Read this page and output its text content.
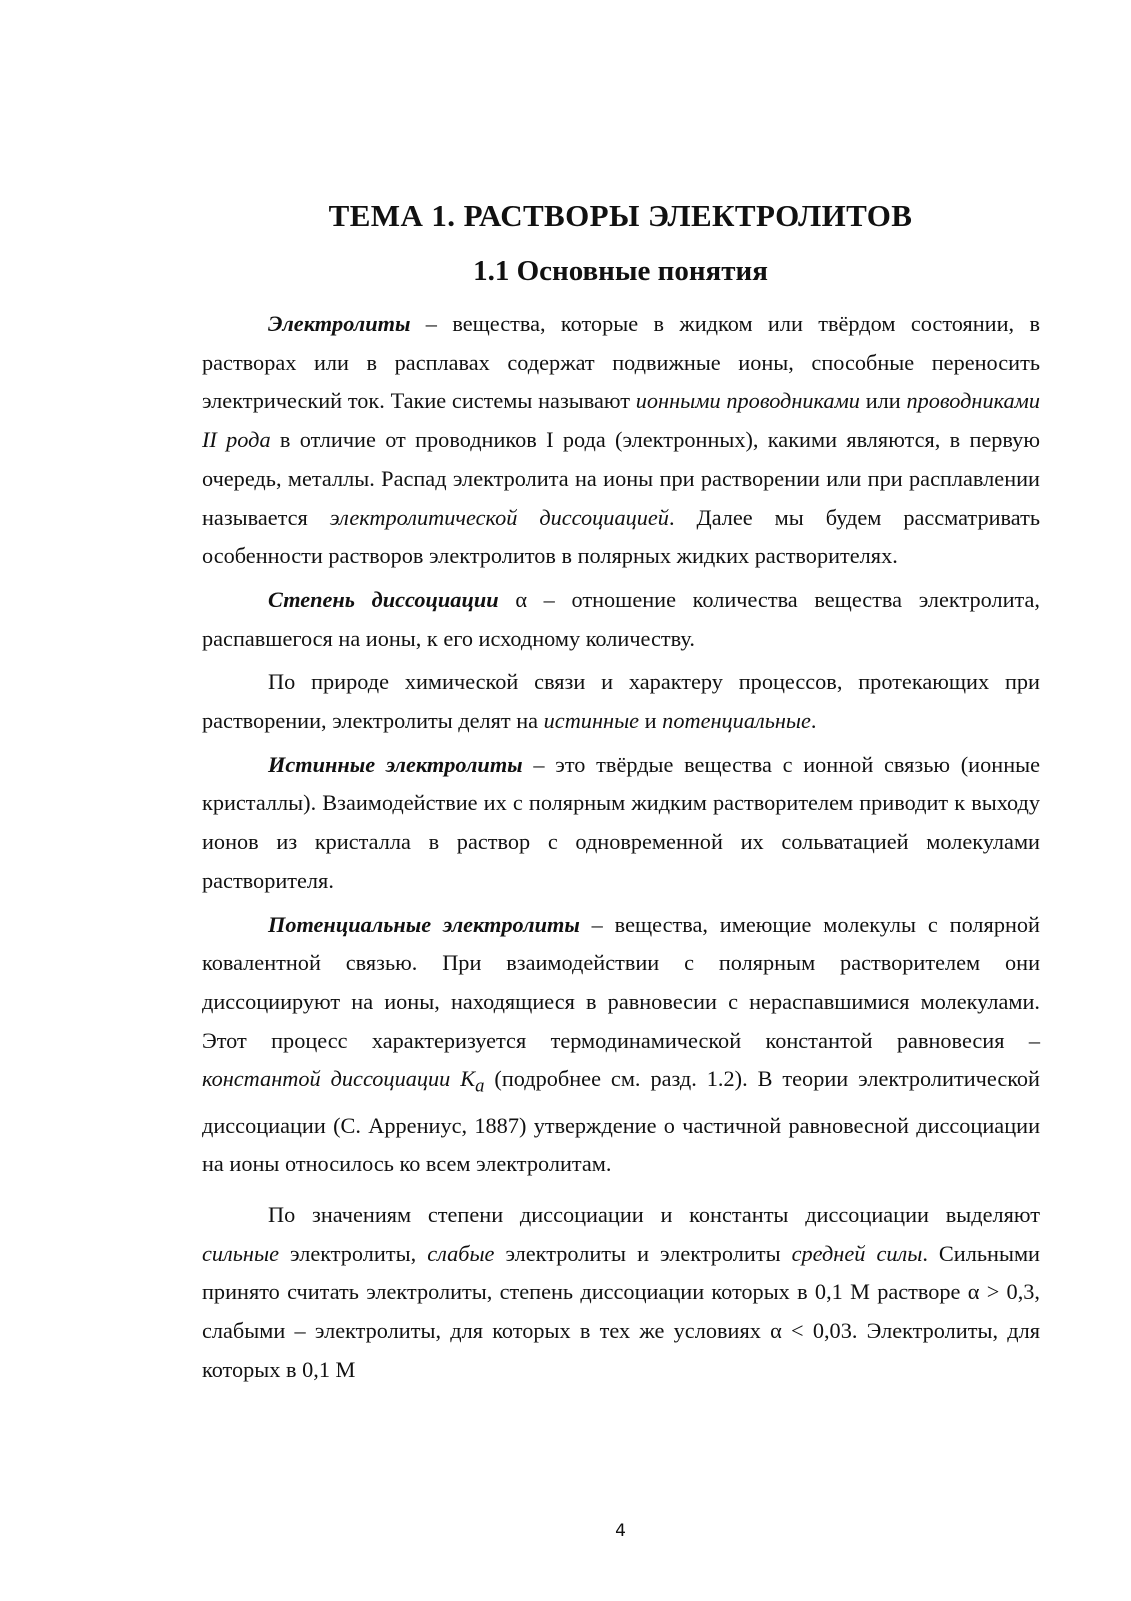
ТЕМА 1. РАСТВОРЫ ЭЛЕКТРОЛИТОВ
1.1 Основные понятия

Электролиты – вещества, которые в жидком или твёрдом состоянии, в растворах или в расплавах содержат подвижные ионы, способные переносить электрический ток. Такие системы называют ионными проводниками или проводниками II рода в отличие от проводников I рода (электронных), какими являются, в первую очередь, металлы. Распад электролита на ионы при растворении или при расплавлении называется электролитической диссоциацией. Далее мы будем рассматривать особенности растворов электролитов в полярных жидких растворителях.

Степень диссоциации α – отношение количества вещества электролита, распавшегося на ионы, к его исходному количеству.

По природе химической связи и характеру процессов, протекающих при растворении, электролиты делят на истинные и потенциальные.

Истинные электролиты – это твёрдые вещества с ионной связью (ионные кристаллы). Взаимодействие их с полярным жидким растворителем приводит к выходу ионов из кристалла в раствор с одновременной их сольватацией молекулами растворителя.

Потенциальные электролиты – вещества, имеющие молекулы с полярной ковалентной связью. При взаимодействии с полярным растворителем они диссоциируют на ионы, находящиеся в равновесии с нераспавшимися молекулами. Этот процесс характеризуется термодинамической константой равновесия – константой диссоциации $K_a$ (подробнее см. разд. 1.2). В теории электролитической диссоциации (С. Аррениус, 1887) утверждение о частичной равновесной диссоциации на ионы относилось ко всем электролитам.

По значениям степени диссоциации и константы диссоциации выделяют сильные электролиты, слабые электролиты и электролиты средней силы. Сильными принято считать электролиты, степень диссоциации которых в 0,1 М растворе α > 0,3, слабыми – электролиты, для которых в тех же условиях α < 0,03. Электролиты, для которых в 0,1 М

4
